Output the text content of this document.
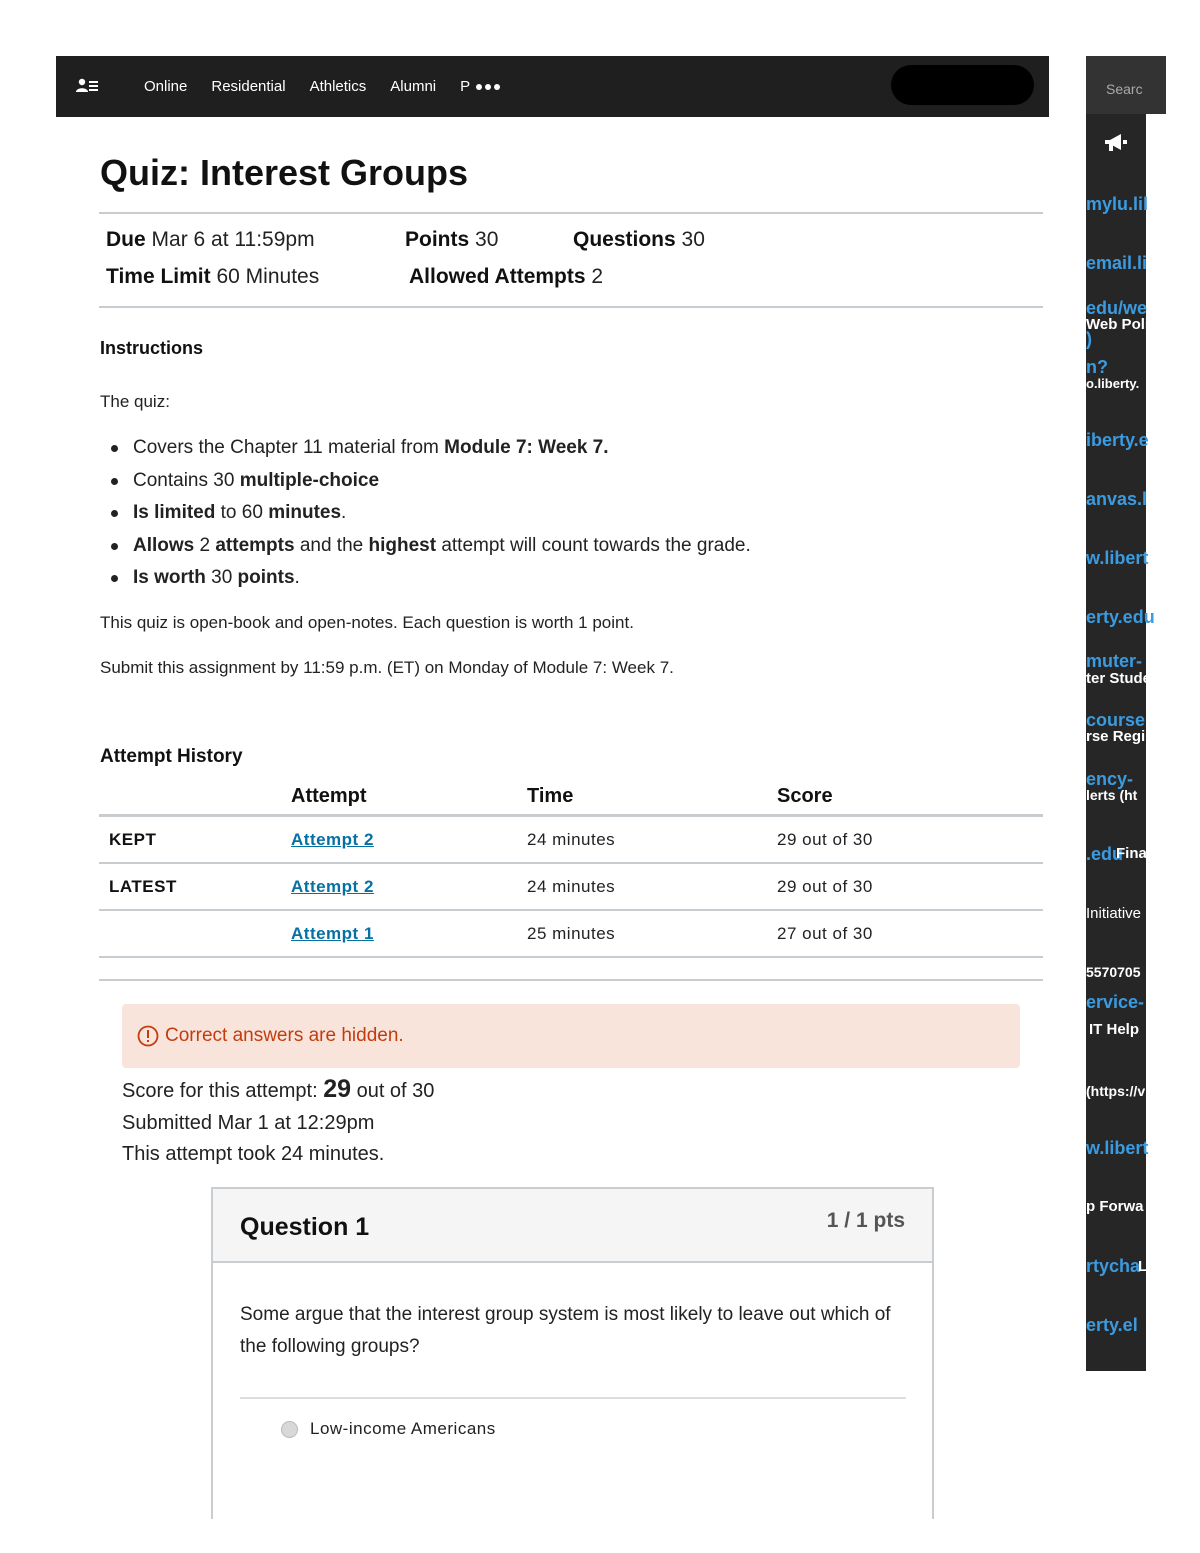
Online Residential Athletics Alumni P
Quiz: Interest Groups
Due Mar 6 at 11:59pm	Points 30	Questions 30
Time Limit 60 Minutes	Allowed Attempts 2
Instructions
The quiz:
Covers the Chapter 11 material from Module 7: Week 7.
Contains 30 multiple-choice
Is limited to 60 minutes.
Allows 2 attempts and the highest attempt will count towards the grade.
Is worth 30 points.
This quiz is open-book and open-notes. Each question is worth 1 point.
Submit this assignment by 11:59 p.m. (ET) on Monday of Module 7: Week 7.
Attempt History
	Attempt	Time	Score
KEPT	Attempt 2	24 minutes	29 out of 30
LATEST	Attempt 2	24 minutes	29 out of 30
	Attempt 1	25 minutes	27 out of 30
Correct answers are hidden.
Score for this attempt: 29 out of 30
Submitted Mar 1 at 12:29pm
This attempt took 24 minutes.
Question 1	1 / 1 pts

Some argue that the interest group system is most likely to leave out which of the following groups?

Low-income Americans
Searc
mylu.lil
email.li
edu/we
Web Polic
)
n?
o.liberty.
iberty.e
anvas.l
w.libert
erty.edu
muter-
ter Stude
course
rse Regi
ency-
lerts (ht
.edu
Fina
Initiative
5570705
ervice-
IT Help
(https://v
w.libert
p Forwa
rtycha
L
erty.el
